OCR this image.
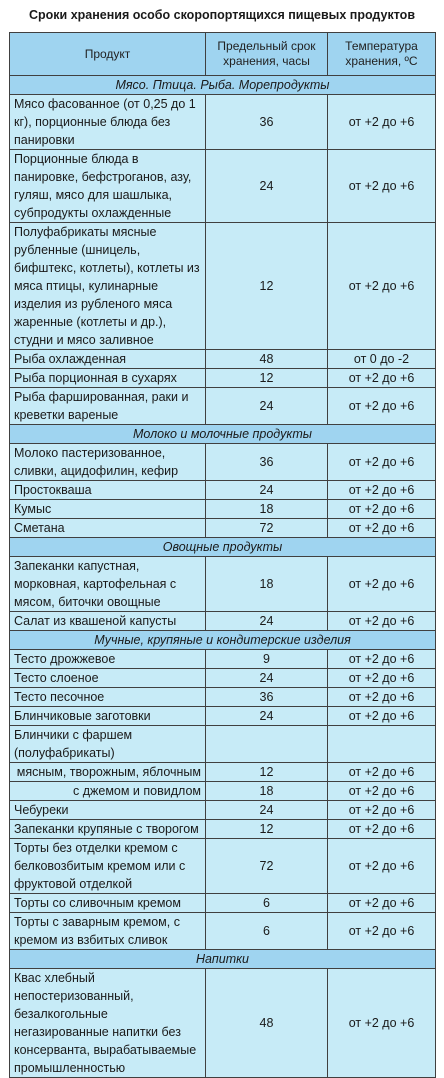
Сроки хранения особо скоропортящихся пищевых продуктов
Продукт	Предельный срок хранения, часы	Температура хранения, ºС
Мясо. Птица. Рыба. Морепродукты		
Мясо фасованное (от 0,25 до 1 кг), порционные блюда без панировки	36	от +2 до +6
Порционные блюда в панировке, бефстроганов, азу, гуляш, мясо для шашлыка, субпродукты охлажденные	24	от +2 до +6
Полуфабрикаты мясные рубленные (шницель, бифштекс, котлеты), котлеты из мяса птицы, кулинарные изделия из рубленого мяса жаренные (котлеты и др.), студни и мясо заливное	12	от +2 до +6
Рыба охлажденная	48	от 0 до -2
Рыба порционная в сухарях	12	от +2 до +6
Рыба фаршированная, раки и креветки вареные	24	от +2 до +6
Молоко и молочные продукты		
Молоко пастеризованное, сливки, ацидофилин, кефир	36	от +2 до +6
Простокваша	24	от +2 до +6
Кумыс	18	от +2 до +6
Сметана	72	от +2 до +6
Овощные продукты		
Запеканки капустная, морковная, картофельная с мясом, биточки овощные	18	от +2 до +6
Салат из квашеной капусты	24	от +2 до +6
Мучные, крупяные и кондитерские изделия		
Тесто дрожжевое	9	от +2 до +6
Тесто слоеное	24	от +2 до +6
Тесто песочное	36	от +2 до +6
Блинчиковые заготовки	24	от +2 до +6
Блинчики с фаршем (полуфабрикаты)		
мясным, творожным, яблочным	12	от +2 до +6
с джемом и повидлом	18	от +2 до +6
Чебуреки	24	от +2 до +6
Запеканки крупяные с творогом	12	от +2 до +6
Торты без отделки кремом с белковозбитым кремом или с фруктовой отделкой	72	от +2 до +6
Торты со сливочным кремом	6	от +2 до +6
Торты с заварным кремом, с кремом из взбитых сливок	6	от +2 до +6
Напитки		
Квас хлебный непостеризованный, безалкогольные негазированные напитки без консерванта, вырабатываемые промышленностью	48	от +2 до +6
